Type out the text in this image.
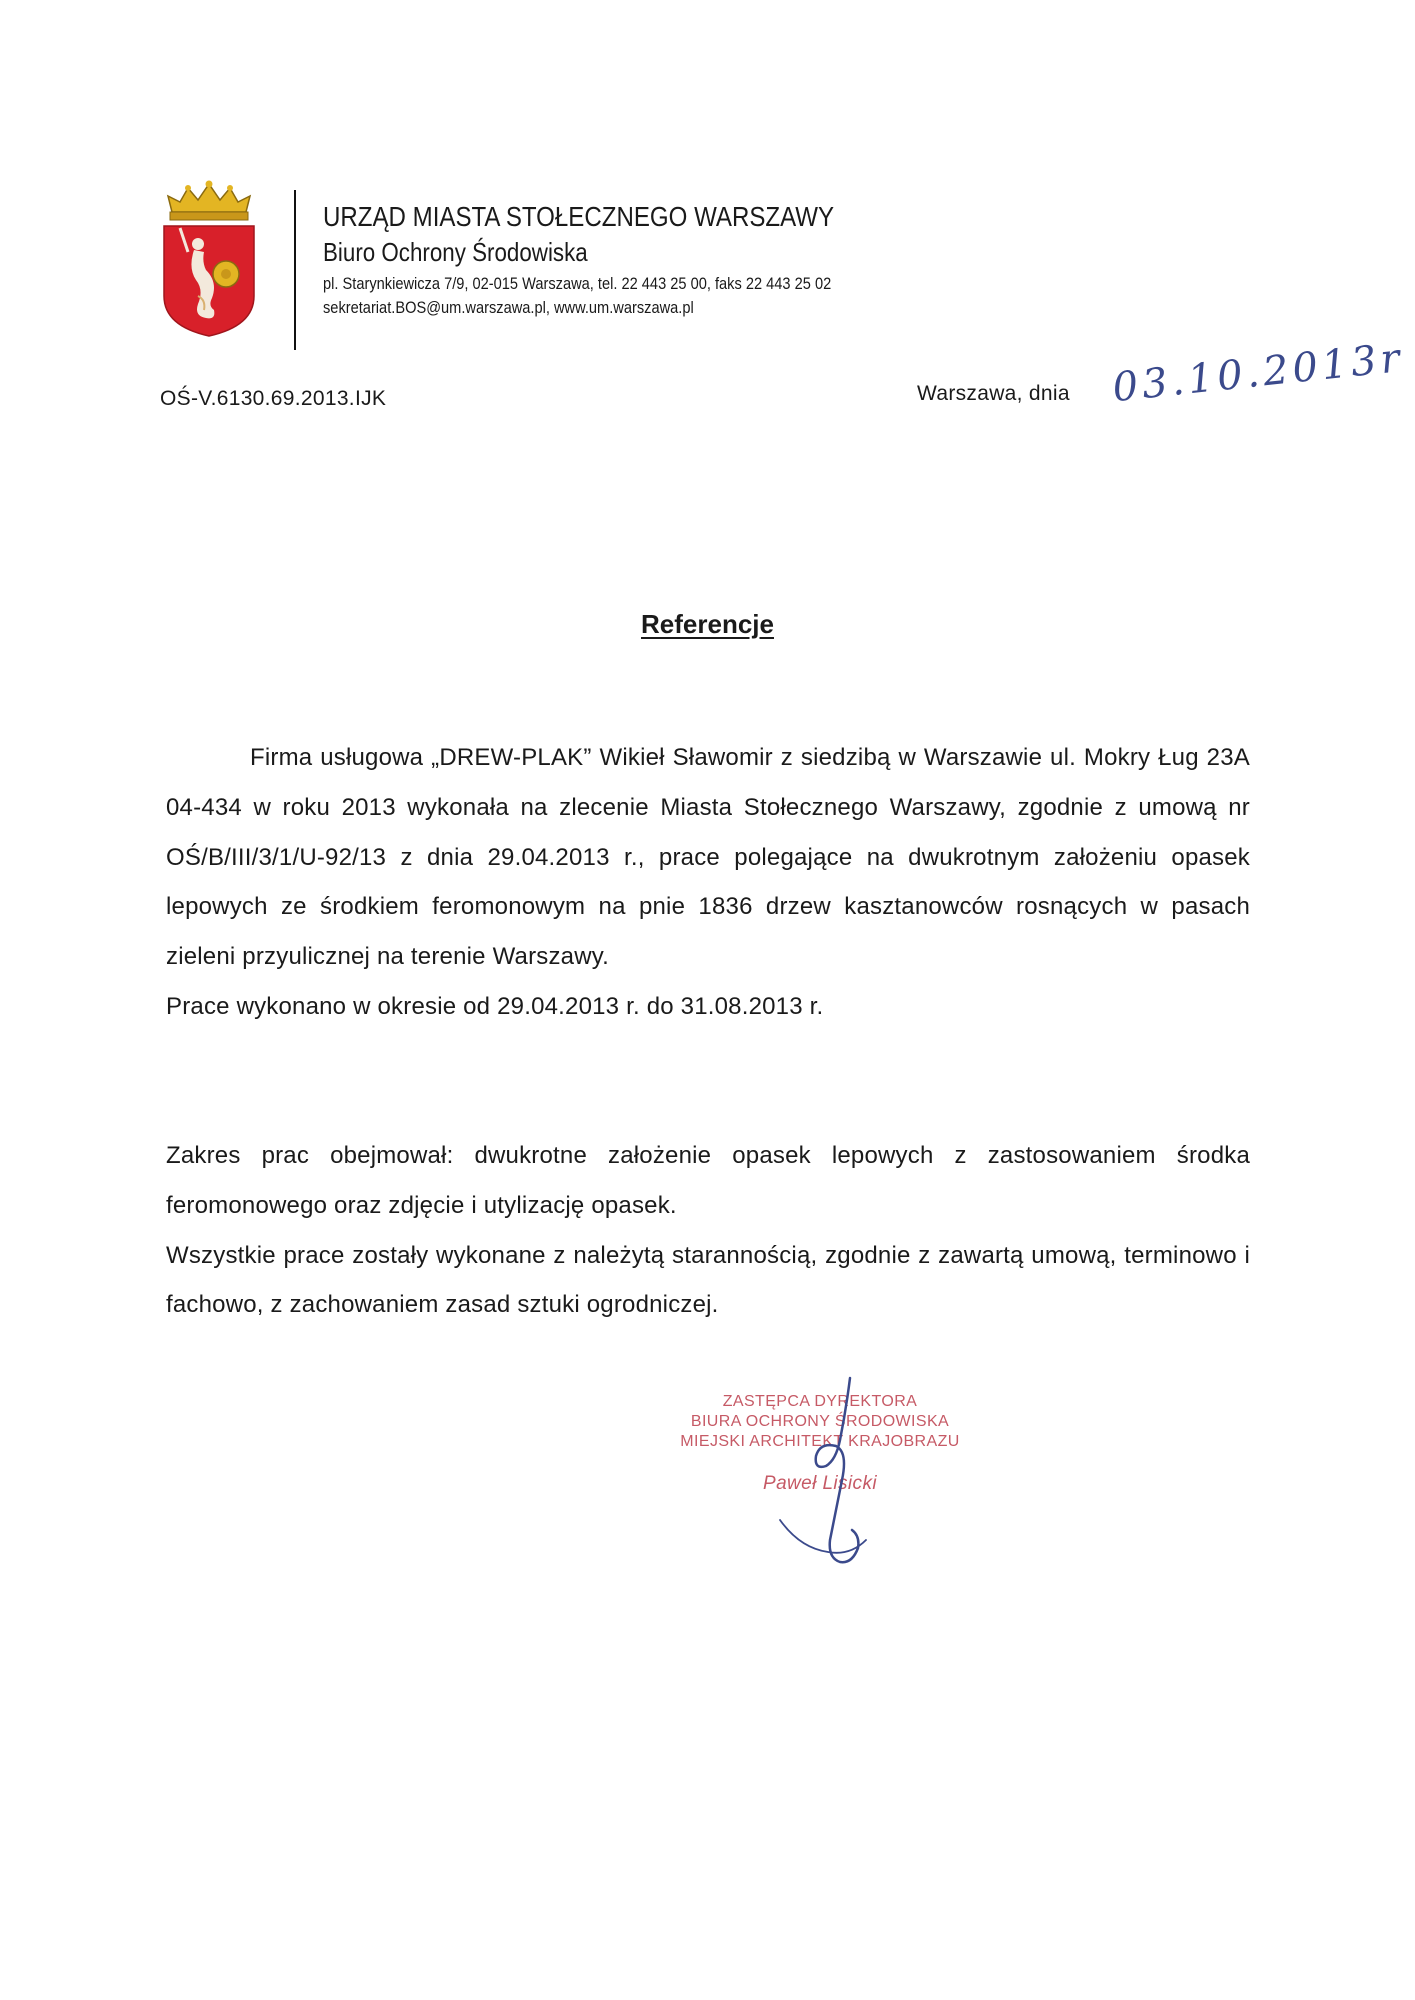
URZĄD MIASTA STOŁECZNEGO WARSZAWY
Biuro Ochrony Środowiska
pl. Starynkiewicza 7/9, 02-015 Warszawa, tel. 22 443 25 00, faks 22 443 25 02
sekretariat.BOS@um.warszawa.pl, www.um.warszawa.pl
OŚ-V.6130.69.2013.IJK	Warszawa, dnia 03.10.2013r
Referencje

Firma usługowa „DREW-PLAK” Wikieł Sławomir z siedzibą w Warszawie ul. Mokry Ług 23A 04-434 w roku 2013 wykonała na zlecenie Miasta Stołecznego Warszawy, zgodnie z umową nr OŚ/B/III/3/1/U-92/13 z dnia 29.04.2013 r., prace polegające na dwukrotnym założeniu opasek lepowych ze środkiem feromonowym na pnie 1836 drzew kasztanowców rosnących w pasach zieleni przyulicznej na terenie Warszawy.

Prace wykonano w okresie od 29.04.2013 r. do 31.08.2013 r.

Zakres prac obejmował: dwukrotne założenie opasek lepowych z zastosowaniem środka feromonowego oraz zdjęcie i utylizację opasek.

Wszystkie prace zostały wykonane z należytą starannością, zgodnie z zawartą umową, terminowo i fachowo, z zachowaniem zasad sztuki ogrodniczej.

ZASTĘPCA DYREKTORA
BIURA OCHRONY ŚRODOWISKA
MIEJSKI ARCHITEKT KRAJOBRAZU
Paweł Lisicki
